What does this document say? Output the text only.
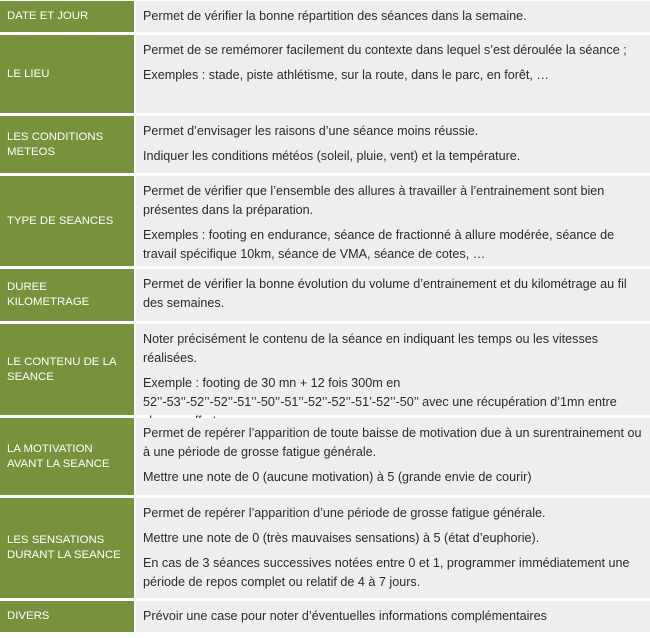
DATE ET JOUR	Permet de vérifier la bonne répartition des séances dans la semaine.

LE LIEU

Permet de se remémorer facilement du contexte dans lequel s’est déroulée la séance ;

Exemples : stade, piste athlétisme, sur la route, dans le parc, en forêt, …

LES CONDITIONS METEOS

Permet d’envisager les raisons d’une séance moins réussie.

Indiquer les conditions météos (soleil, pluie, vent) et la température.

TYPE DE SEANCES

Permet de vérifier que l’ensemble des allures à travailler à l’entrainement sont bien présentes dans la préparation.

Exemples : footing en endurance, séance de fractionné à allure modérée, séance de travail spécifique 10km, séance de VMA, séance de cotes, …

DUREE KILOMETRAGE

Permet de vérifier la bonne évolution du volume d’entrainement et du kilométrage au fil des semaines.

LE CONTENU DE LA SEANCE

Noter précisément le contenu de la séance en indiquant les temps ou les vitesses réalisées.

Exemple : footing de 30 mn + 12 fois 300m en 52’’-53’’-52’’-52’’-51’’-50’’-51’’-52’’-52’’-51’-52’’-50’’ avec une récupération d’1mn entre

LA MOTIVATION AVANT LA SEANCE

Permet de repérer l’apparition de toute baisse de motivation due à un surentrainement ou à une période de grosse fatigue générale.

Mettre une note de 0 (aucune motivation) à 5 (grande envie de courir)

LES SENSATIONS DURANT LA SEANCE

Permet de repérer l’apparition d’une période de grosse fatigue générale.

Mettre une note de 0 (très mauvaises sensations) à 5 (état d’euphorie).

En cas de 3 séances successives notées entre 0 et 1, programmer immédiatement une période de repos complet ou relatif de 4 à 7 jours.

DIVERS	Prévoir une case pour noter d’éventuelles informations complémentaires
